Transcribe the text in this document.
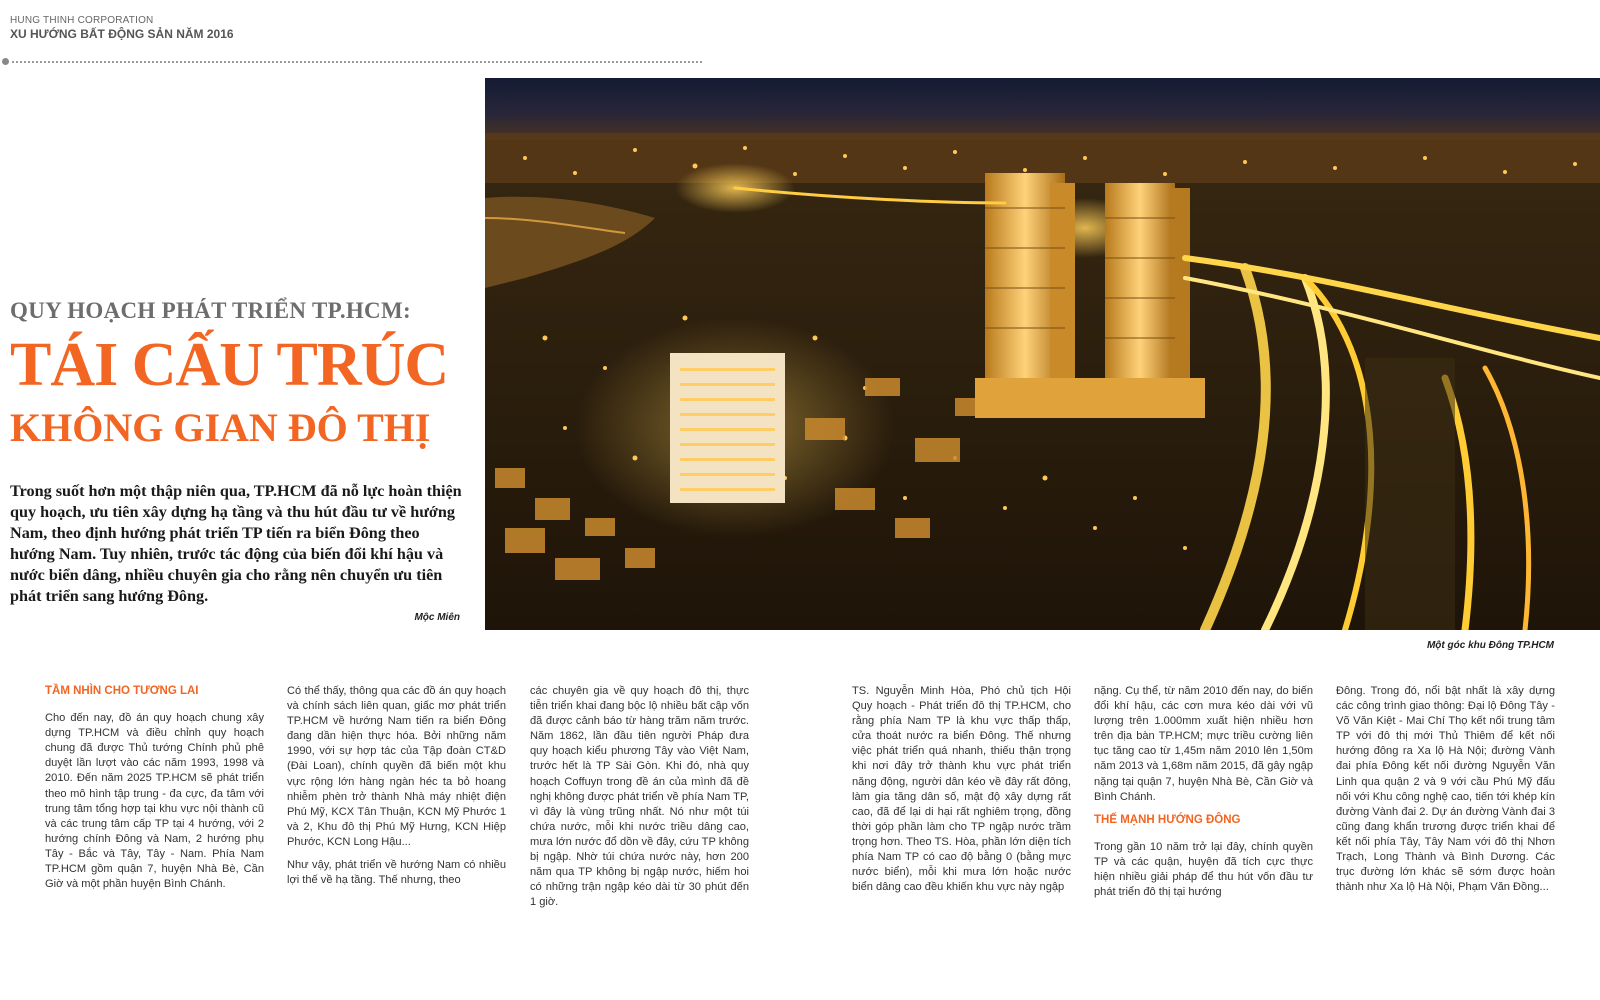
HUNG THINH CORPORATION
XU HƯỚNG BẤT ĐỘNG SẢN NĂM 2016
Một góc khu Đông TP.HCM
QUY HOẠCH PHÁT TRIỂN TP.HCM:
TÁI CẤU TRÚC
KHÔNG GIAN ĐÔ THỊ
Trong suốt hơn một thập niên qua, TP.HCM đã nỗ lực hoàn thiện quy hoạch, ưu tiên xây dựng hạ tầng và thu hút đầu tư về hướng Nam, theo định hướng phát triển TP tiến ra biển Đông theo hướng Nam. Tuy nhiên, trước tác động của biến đổi khí hậu và nước biển dâng, nhiều chuyên gia cho rằng nên chuyển ưu tiên phát triển sang hướng Đông.
Mộc Miên
TẦM NHÌN CHO TƯƠNG LAI

Cho đến nay, đồ án quy hoạch chung xây dựng TP.HCM và điều chỉnh quy hoạch chung đã được Thủ tướng Chính phủ phê duyệt lần lượt vào các năm 1993, 1998 và 2010. Đến năm 2025 TP.HCM sẽ phát triển theo mô hình tập trung - đa cực, đa tâm với trung tâm tổng hợp tại khu vực nội thành cũ và các trung tâm cấp TP tại 4 hướng, với 2 hướng chính Đông và Nam, 2 hướng phụ Tây - Bắc và Tây, Tây - Nam. Phía Nam TP.HCM gồm quận 7, huyện Nhà Bè, Cần Giờ và một phần huyện Bình Chánh.

Có thể thấy, thông qua các đồ án quy hoạch và chính sách liên quan, giấc mơ phát triển TP.HCM về hướng Nam tiến ra biển Đông đang dần hiện thực hóa. Bởi những năm 1990, với sự hợp tác của Tập đoàn CT&D (Đài Loan), chính quyền đã biến một khu vực rộng lớn hàng ngàn héc ta bỏ hoang nhiễm phèn trở thành Nhà máy nhiệt điện Phú Mỹ, KCX Tân Thuận, KCN Mỹ Phước 1 và 2, Khu đô thị Phú Mỹ Hưng, KCN Hiệp Phước, KCN Long Hậu...

Như vậy, phát triển về hướng Nam có nhiều lợi thế về hạ tầng. Thế nhưng, theo

các chuyên gia về quy hoạch đô thị, thực tiễn triển khai đang bộc lộ nhiều bất cập vốn đã được cảnh báo từ hàng trăm năm trước. Năm 1862, lần đầu tiên người Pháp đưa quy hoạch kiểu phương Tây vào Việt Nam, trước hết là TP Sài Gòn. Khi đó, nhà quy hoạch Coffuyn trong đề án của mình đã đề nghị không được phát triển về phía Nam TP, vì đây là vùng trũng nhất. Nó như một túi chứa nước, mỗi khi nước triều dâng cao, mưa lớn nước đổ dồn về đây, cứu TP không bị ngập. Nhờ túi chứa nước này, hơn 200 năm qua TP không bị ngập nước, hiếm hoi có những trận ngập kéo dài từ 30 phút đến 1 giờ.

TS. Nguyễn Minh Hòa, Phó chủ tịch Hội Quy hoạch - Phát triển đô thị TP.HCM, cho rằng phía Nam TP là khu vực thấp thấp, cửa thoát nước ra biển Đông. Thế nhưng việc phát triển quá nhanh, thiếu thận trọng khi nơi đây trở thành khu vực phát triển năng động, người dân kéo về đây rất đông, làm gia tăng dân số, mật độ xây dựng rất cao, đã để lại di hại rất nghiêm trọng, đồng thời góp phần làm cho TP ngập nước trầm trọng hơn. Theo TS. Hòa, phần lớn diện tích phía Nam TP có cao độ bằng 0 (bằng mực nước biển), mỗi khi mưa lớn hoặc nước biển dâng cao đều khiến khu vực này ngập

nặng. Cụ thể, từ năm 2010 đến nay, do biến đổi khí hậu, các cơn mưa kéo dài với vũ lượng trên 1.000mm xuất hiện nhiều hơn trên địa bàn TP.HCM; mực triều cường liên tục tăng cao từ 1,45m năm 2010 lên 1,50m năm 2013 và 1,68m năm 2015, đã gây ngập nặng tại quận 7, huyện Nhà Bè, Cần Giờ và Bình Chánh.

THẾ MẠNH HƯỚNG ĐÔNG

Trong gần 10 năm trở lại đây, chính quyền TP và các quận, huyện đã tích cực thực hiện nhiều giải pháp để thu hút vốn đầu tư phát triển đô thị tại hướng

Đông. Trong đó, nổi bật nhất là xây dựng các công trình giao thông: Đại lộ Đông Tây - Võ Văn Kiệt - Mai Chí Thọ kết nối trung tâm TP với đô thị mới Thủ Thiêm để kết nối hướng đông ra Xa lộ Hà Nội; đường Vành đai phía Đông kết nối đường Nguyễn Văn Linh qua quận 2 và 9 với cầu Phú Mỹ đấu nối với Khu công nghệ cao, tiến tới khép kín đường Vành đai 2. Dự án đường Vành đai 3 cũng đang khẩn trương được triển khai để kết nối phía Tây, Tây Nam với đô thị Nhơn Trạch, Long Thành và Bình Dương. Các trục đường lớn khác sẽ sớm được hoàn thành như Xa lộ Hà Nội, Phạm Văn Đồng...
